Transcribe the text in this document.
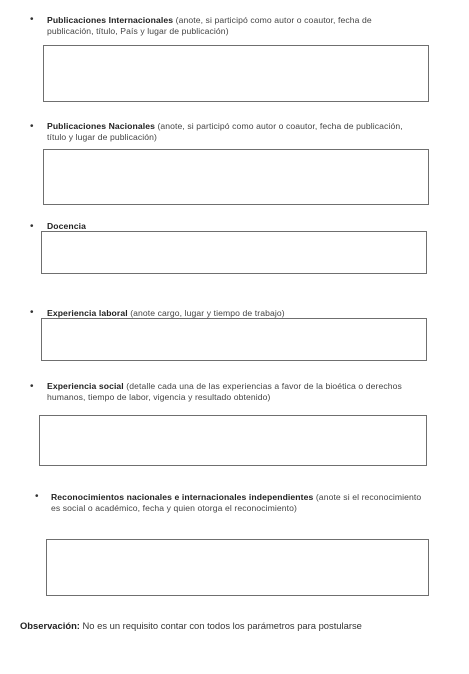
• Publicaciones Internacionales (anote, si participó como autor o coautor, fecha de publicación, título, País y lugar de publicación)
• Publicaciones Nacionales (anote, si participó como autor o coautor, fecha de publicación, título y lugar de publicación)
• Docencia
• Experiencia laboral (anote cargo, lugar y tiempo de trabajo)
• Experiencia social (detalle cada una de las experiencias a favor de la bioética o derechos humanos, tiempo de labor, vigencia y resultado obtenido)
• Reconocimientos nacionales e internacionales independientes (anote si el reconocimiento es social o académico, fecha y quien otorga el reconocimiento)
Observación: No es un requisito contar con todos los parámetros para postularse
